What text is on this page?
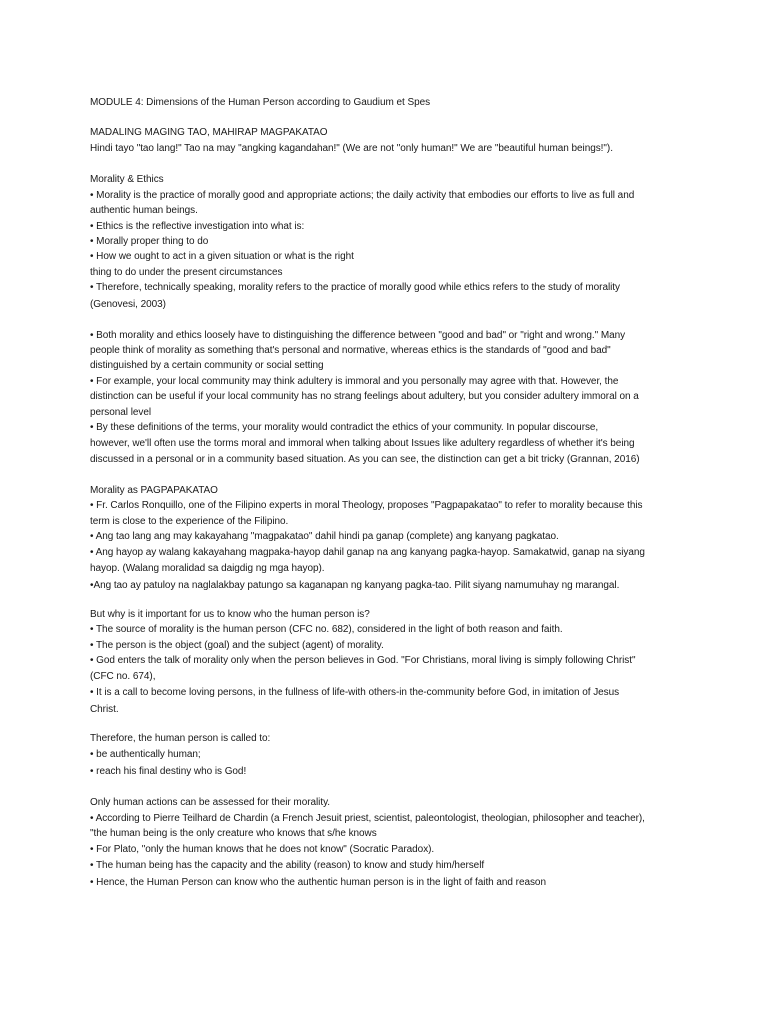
MODULE 4: Dimensions of the Human Person according to Gaudium et Spes
MADALING MAGING TAO, MAHIRAP MAGPAKATAO
Hindi tayo "tao lang!" Tao na may "angking kagandahan!" (We are not "only human!" We are "beautiful human beings!").
Morality & Ethics
• Morality is the practice of morally good and appropriate actions; the daily activity that embodies our efforts to live as full and
authentic human beings.
• Ethics is the reflective investigation into what is:
• Morally proper thing to do
• How we ought to act in a given situation or what is the right
thing to do under the present circumstances
• Therefore, technically speaking, morality refers to the practice of morally good while ethics refers to the study of morality
(Genovesi, 2003)
• Both morality and ethics loosely have to distinguishing the difference between "good and bad" or "right and wrong." Many
people think of morality as something that's personal and normative, whereas ethics is the standards of "good and bad"
distinguished by a certain community or social setting
• For example, your local community may think adultery is immoral and you personally may agree with that. However, the
distinction can be useful if your local community has no strang feelings about adultery, but you consider adultery immoral on a
personal level
• By these definitions of the terms, your morality would contradict the ethics of your community. In popular discourse,
however, we'll often use the torms moral and immoral when talking about Issues like adultery regardless of whether it's being
discussed in a personal or in a community based situation. As you can see, the distinction can get a bit tricky (Grannan, 2016)
Morality as PAGPAPAKATAO
• Fr. Carlos Ronquillo, one of the Filipino experts in moral Theology, proposes "Pagpapakatao" to refer to morality because this
term is close to the experience of the Filipino.
• Ang tao lang ang may kakayahang "magpakatao" dahil hindi pa ganap (complete) ang kanyang pagkatao.
• Ang hayop ay walang kakayahang magpaka-hayop dahil ganap na ang kanyang pagka-hayop. Samakatwid, ganap na siyang
hayop. (Walang moralidad sa daigdig ng mga hayop).
•Ang tao ay patuloy na naglalakbay patungo sa kaganapan ng kanyang pagka-tao. Pilit siyang namumuhay ng marangal.
But why is it important for us to know who the human person is?
• The source of morality is the human person (CFC no. 682), considered in the light of both reason and faith.
• The person is the object (goal) and the subject (agent) of morality.
• God enters the talk of morality only when the person believes in God. "For Christians, moral living is simply following Christ"
(CFC no. 674),
• It is a call to become loving persons, in the fullness of life-with others-in the-community before God, in imitation of Jesus
Christ.
Therefore, the human person is called to:
• be authentically human;
• reach his final destiny who is God!
Only human actions can be assessed for their morality.
• According to Pierre Teilhard de Chardin (a French Jesuit priest, scientist, paleontologist, theologian, philosopher and teacher),
"the human being is the only creature who knows that s/he knows
• For Plato, "only the human knows that he does not know" (Socratic Paradox).
• The human being has the capacity and the ability (reason) to know and study him/herself
• Hence, the Human Person can know who the authentic human person is in the light of faith and reason
